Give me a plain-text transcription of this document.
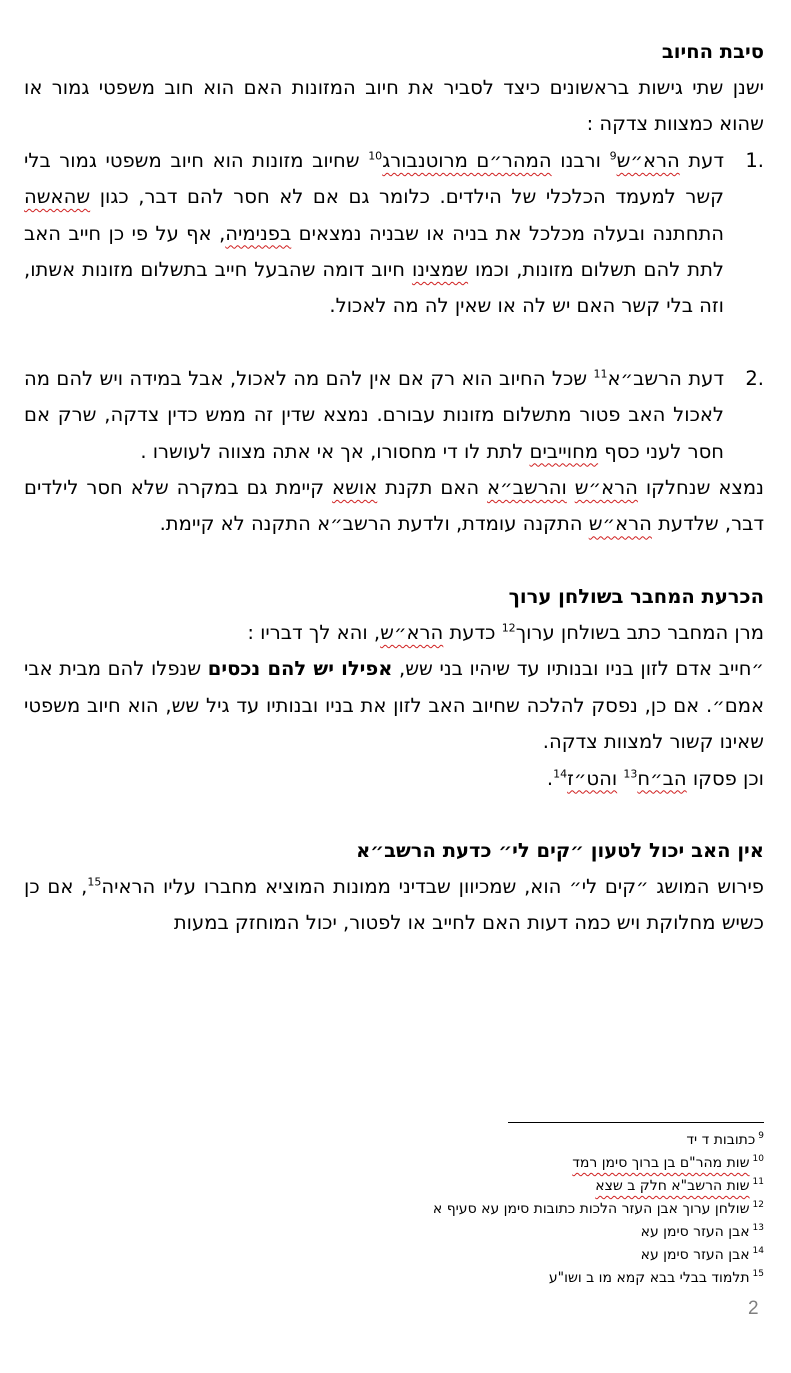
סיבת החיוב

ישנן שתי גישות בראשונים כיצד לסביר את חיוב המזונות האם הוא חוב משפטי גמור או שהוא כמצוות צדקה :

.1
דעת הרא״ש$^9$ ורבנו המהר״ם מרוטנבורג$^{10}$ שחיוב מזונות הוא חיוב משפטי גמור בלי קשר למעמד הכלכלי של הילדים. כלומר גם אם לא חסר להם דבר, כגון שהאשה התחתנה ובעלה מכלכל את בניה או שבניה נמצאים בפנימיה, אף על פי כן חייב האב לתת להם תשלום מזונות, וכמו שמצינו חיוב דומה שהבעל חייב בתשלום מזונות אשתו, וזה בלי קשר האם יש לה או שאין לה מה לאכול.
.2
דעת הרשב״א$^{11}$ שכל החיוב הוא רק אם אין להם מה לאכול, אבל במידה ויש להם מה לאכול האב פטור מתשלום מזונות עבורם. נמצא שדין זה ממש כדין צדקה, שרק אם חסר לעני כסף מחוייבים לתת לו די מחסורו, אך אי אתה מצווה לעושרו .

נמצא שנחלקו הרא״ש והרשב״א האם תקנת אושא קיימת גם במקרה שלא חסר לילדים דבר, שלדעת הרא״ש התקנה עומדת, ולדעת הרשב״א התקנה לא קיימת.

הכרעת המחבר בשולחן ערוך

מרן המחבר כתב בשולחן ערוך$^{12}$ כדעת הרא״ש, והא לך דבריו :

״חייב אדם לזון בניו ובנותיו עד שיהיו בני שש, אפילו יש להם נכסים שנפלו להם מבית אבי אמם״. אם כן, נפסק להלכה שחיוב האב לזון את בניו ובנותיו עד גיל שש, הוא חיוב משפטי שאינו קשור למצוות צדקה.

וכן פסקו הב״ח$^{13}$ והט״ז$^{14}$.

אין האב יכול לטעון ״קים לי״ כדעת הרשב״א

פירוש המושג ״קים לי״ הוא, שמכיוון שבדיני ממונות המוציא מחברו עליו הראיה$^{15}$, אם כן כשיש מחלוקת ויש כמה דעות האם לחייב או לפטור, יכול המוחזק במעות

$^9$כתובות ד יד
$^{10}$שות מהר"ם בן ברוך סימן רמד
$^{11}$שות הרשב"א חלק ב שצא
$^{12}$שולחן ערוך אבן העזר הלכות כתובות סימן עא סעיף א
$^{13}$אבן העזר סימן עא
$^{14}$אבן העזר סימן עא
$^{15}$תלמוד בבלי בבא קמא מו ב ושו"ע
2
